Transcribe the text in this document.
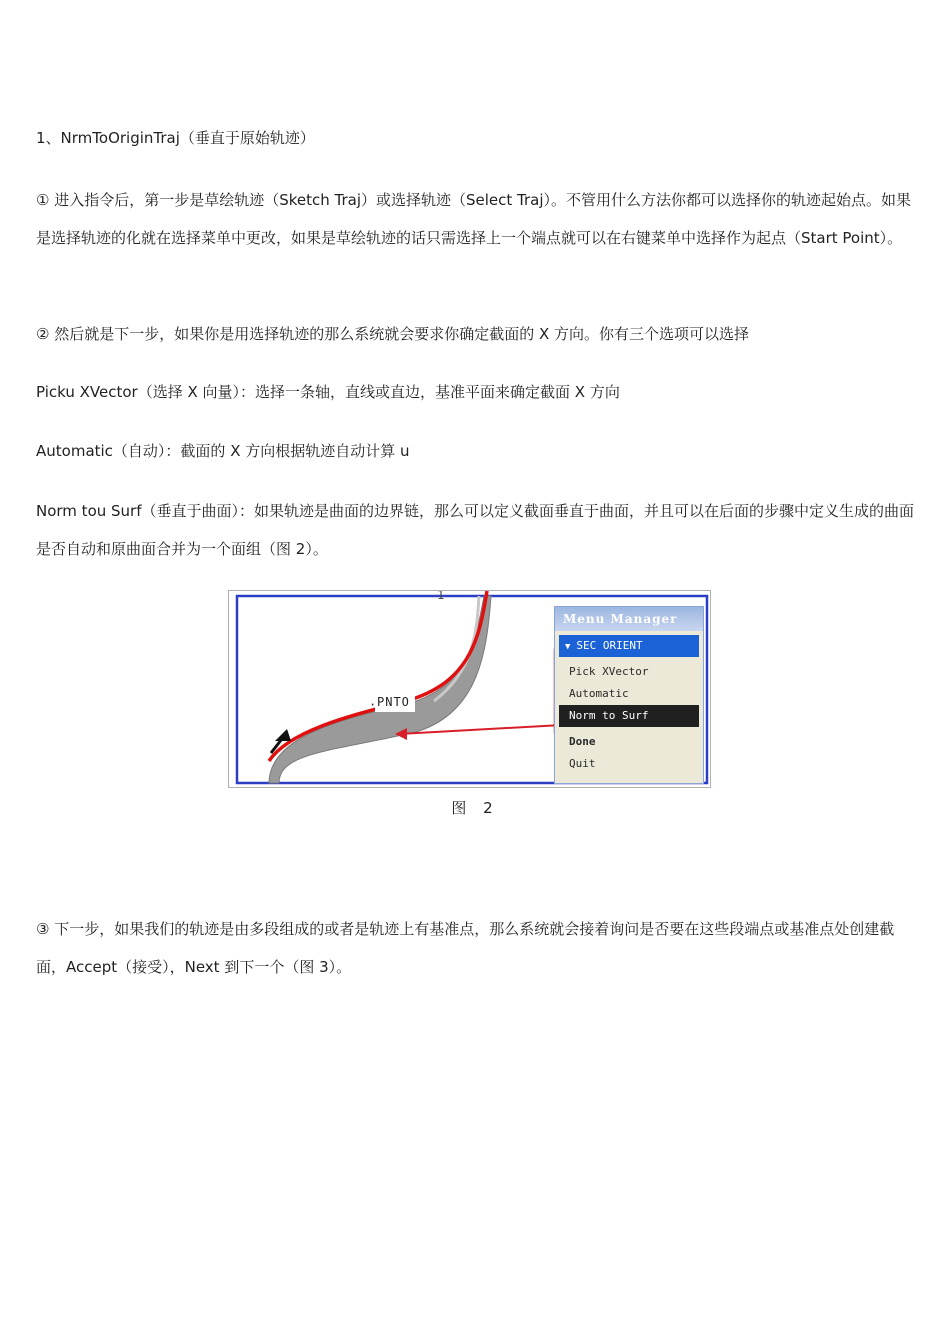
1、NrmToOriginTraj（垂直于原始轨迹）

① 进入指令后，第一步是草绘轨迹（Sketch Traj）或选择轨迹（Select Traj）。不管用什么方法你都可以选择你的轨迹起始点。如果是选择轨迹的化就在选择菜单中更改，如果是草绘轨迹的话只需选择上一个端点就可以在右键菜单中选择作为起点（Start Point）。

② 然后就是下一步，如果你是用选择轨迹的那么系统就会要求你确定截面的 X 方向。你有三个选项可以选择

Picku XVector（选择 X 向量）：选择一条轴，直线或直边，基准平面来确定截面 X 方向

Automatic（自动）：截面的 X 方向根据轨迹自动计算 u

Norm tou Surf（垂直于曲面）：如果轨迹是曲面的边界链，那么可以定义截面垂直于曲面，并且可以在后面的步骤中定义生成的曲面是否自动和原曲面合并为一个面组（图 2）。

· PNTO
1
Menu Manager
▼ SEC ORIENT
Pick XVector
Automatic
Norm to Surf
Done
Quit
图 2

③ 下一步，如果我们的轨迹是由多段组成的或者是轨迹上有基准点，那么系统就会接着询问是否要在这些段端点或基准点处创建截面，Accept（接受），Next 到下一个（图 3）。
